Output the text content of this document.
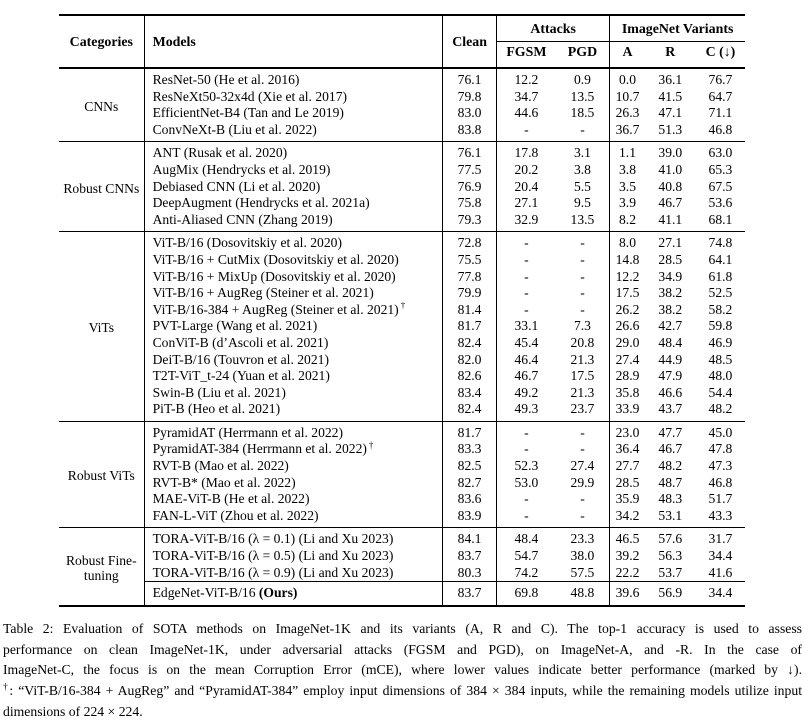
Categories	Models	Clean	Attacks		ImageNet Variants		
			FGSM	PGD	A	R	C (↓)
CNNs	ResNet-50 (He et al. 2016)	76.1	12.2	0.9	0.0	36.1	76.7
	ResNeXt50-32x4d (Xie et al. 2017)	79.8	34.7	13.5	10.7	41.5	64.7
	EfficientNet-B4 (Tan and Le 2019)	83.0	44.6	18.5	26.3	47.1	71.1
	ConvNeXt-B (Liu et al. 2022)	83.8	-	-	36.7	51.3	46.8
Robust CNNs	ANT (Rusak et al. 2020)	76.1	17.8	3.1	1.1	39.0	63.0
	AugMix (Hendrycks et al. 2019)	77.5	20.2	3.8	3.8	41.0	65.3
	Debiased CNN (Li et al. 2020)	76.9	20.4	5.5	3.5	40.8	67.5
	DeepAugment (Hendrycks et al. 2021a)	75.8	27.1	9.5	3.9	46.7	53.6
	Anti-Aliased CNN (Zhang 2019)	79.3	32.9	13.5	8.2	41.1	68.1
ViTs	ViT-B/16 (Dosovitskiy et al. 2020)	72.8	-	-	8.0	27.1	74.8
	ViT-B/16 + CutMix (Dosovitskiy et al. 2020)	75.5	-	-	14.8	28.5	64.1
	ViT-B/16 + MixUp (Dosovitskiy et al. 2020)	77.8	-	-	12.2	34.9	61.8
	ViT-B/16 + AugReg (Steiner et al. 2021)	79.9	-	-	17.5	38.2	52.5
	ViT-B/16-384 + AugReg (Steiner et al. 2021) †	81.4	-	-	26.2	38.2	58.2
	PVT-Large (Wang et al. 2021)	81.7	33.1	7.3	26.6	42.7	59.8
	ConViT-B (d’Ascoli et al. 2021)	82.4	45.4	20.8	29.0	48.4	46.9
	DeiT-B/16 (Touvron et al. 2021)	82.0	46.4	21.3	27.4	44.9	48.5
	T2T-ViT_t-24 (Yuan et al. 2021)	82.6	46.7	17.5	28.9	47.9	48.0
	Swin-B (Liu et al. 2021)	83.4	49.2	21.3	35.8	46.6	54.4
	PiT-B (Heo et al. 2021)	82.4	49.3	23.7	33.9	43.7	48.2
Robust ViTs	PyramidAT (Herrmann et al. 2022)	81.7	-	-	23.0	47.7	45.0
	PyramidAT-384 (Herrmann et al. 2022) †	83.3	-	-	36.4	46.7	47.8
	RVT-B (Mao et al. 2022)	82.5	52.3	27.4	27.7	48.2	47.3
	RVT-B* (Mao et al. 2022)	82.7	53.0	29.9	28.5	48.7	46.8
	MAE-ViT-B (He et al. 2022)	83.6	-	-	35.9	48.3	51.7
	FAN-L-ViT (Zhou et al. 2022)	83.9	-	-	34.2	53.1	43.3
Robust Fine-tuning	TORA-ViT-B/16 (λ = 0.1) (Li and Xu 2023)	84.1	48.4	23.3	46.5	57.6	31.7
	TORA-ViT-B/16 (λ = 0.5) (Li and Xu 2023)	83.7	54.7	38.0	39.2	56.3	34.4
	TORA-ViT-B/16 (λ = 0.9) (Li and Xu 2023)	80.3	74.2	57.5	22.2	53.7	41.6
	EdgeNet-ViT-B/16 (Ours)	83.7	69.8	48.8	39.6	56.9	34.4
Table 2: Evaluation of SOTA methods on ImageNet-1K and its variants (A, R and C). The top-1 accuracy is used to assess
performance on clean ImageNet-1K, under adversarial attacks (FGSM and PGD), on ImageNet-A, and -R. In the case of
ImageNet-C, the focus is on the mean Corruption Error (mCE), where lower values indicate better performance (marked by ↓).
†: “ViT-B/16-384 + AugReg” and “PyramidAT-384” employ input dimensions of 384 × 384 inputs, while the remaining models utilize input dimensions of 224 × 224.
